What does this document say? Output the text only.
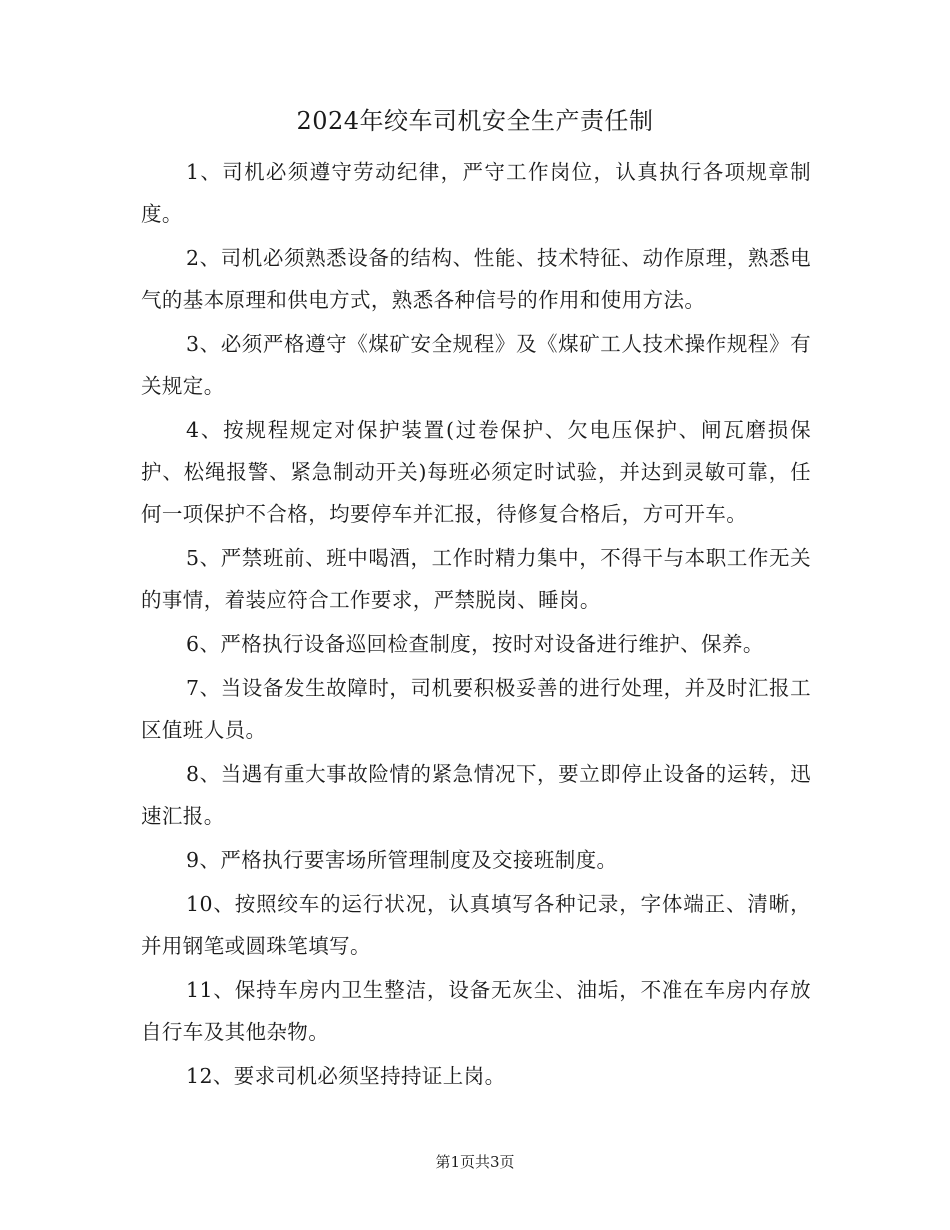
2024年绞车司机安全生产责任制

1、司机必须遵守劳动纪律，严守工作岗位，认真执行各项规章制度。

2、司机必须熟悉设备的结构、性能、技术特征、动作原理，熟悉电气的基本原理和供电方式，熟悉各种信号的作用和使用方法。

3、必须严格遵守《煤矿安全规程》及《煤矿工人技术操作规程》有关规定。

4、按规程规定对保护装置(过卷保护、欠电压保护、闸瓦磨损保护、松绳报警、紧急制动开关)每班必须定时试验，并达到灵敏可靠，任何一项保护不合格，均要停车并汇报，待修复合格后，方可开车。

5、严禁班前、班中喝酒，工作时精力集中，不得干与本职工作无关的事情，着装应符合工作要求，严禁脱岗、睡岗。

6、严格执行设备巡回检查制度，按时对设备进行维护、保养。

7、当设备发生故障时，司机要积极妥善的进行处理，并及时汇报工区值班人员。

8、当遇有重大事故险情的紧急情况下，要立即停止设备的运转，迅速汇报。

9、严格执行要害场所管理制度及交接班制度。

10、按照绞车的运行状况，认真填写各种记录，字体端正、清晰，并用钢笔或圆珠笔填写。

11、保持车房内卫生整洁，设备无灰尘、油垢，不准在车房内存放自行车及其他杂物。

12、要求司机必须坚持持证上岗。

第1页共3页
